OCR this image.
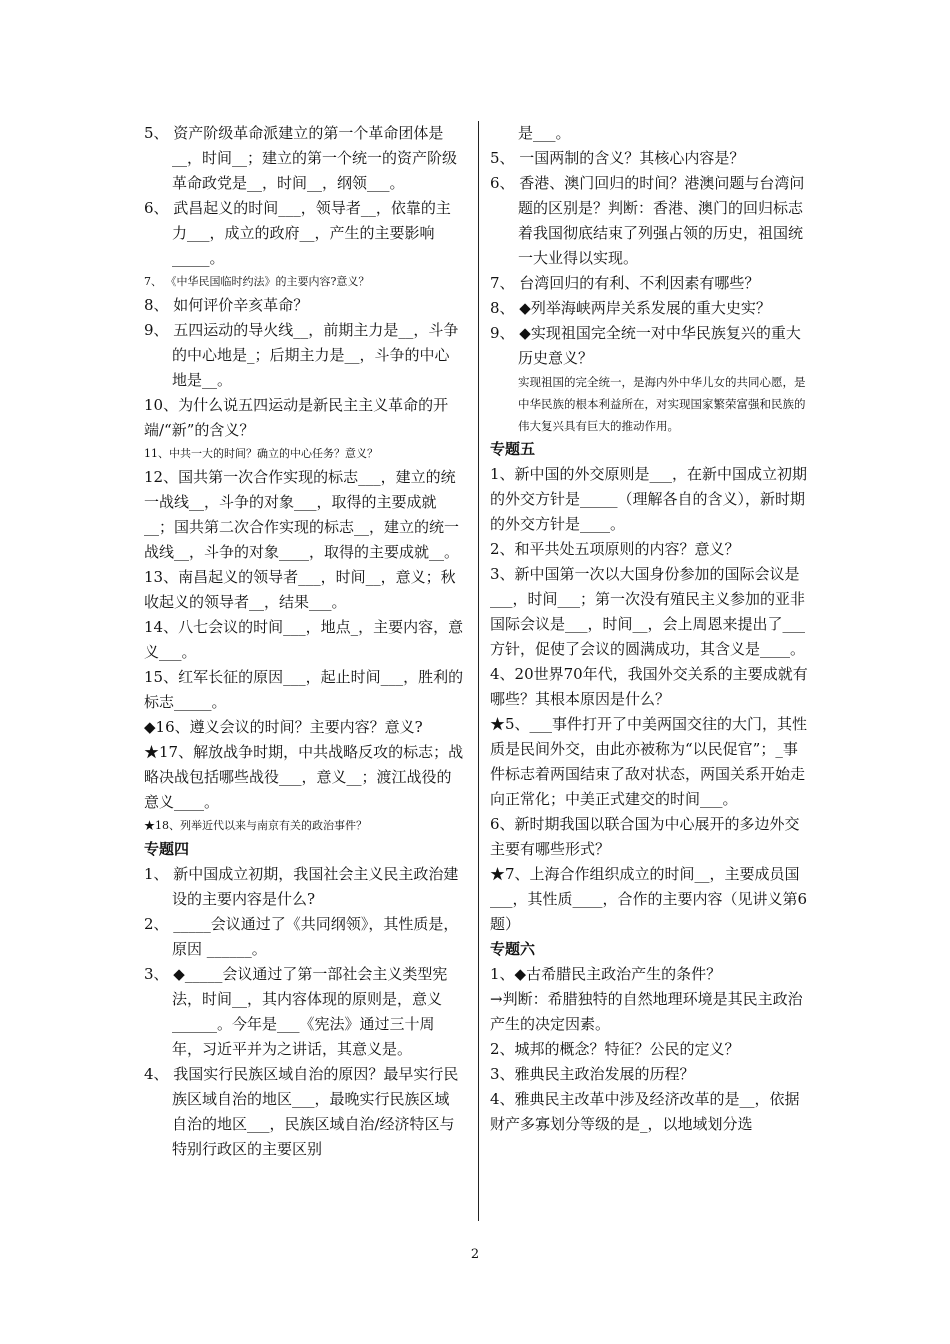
5、 资产阶级革命派建立的第一个革命团体是__，时间__；建立的第一个统一的资产阶级革命政党是__，时间__，纲领___。
6、 武昌起义的时间___，领导者__，依靠的主力___，成立的政府__，产生的主要影响_____。
7、 《中华民国临时约法》的主要内容?意义？
8、 如何评价辛亥革命？
9、 五四运动的导火线__，前期主力是__，斗争的中心地是_；后期主力是__，斗争的中心地是__。
10、为什么说五四运动是新民主主义革命的开端/“新”的含义？
11、中共一大的时间？确立的中心任务？意义？
12、国共第一次合作实现的标志___，建立的统一战线__，斗争的对象___，取得的主要成就__；国共第二次合作实现的标志__，建立的统一战线__，斗争的对象____，取得的主要成就__。
13、南昌起义的领导者___，时间__，意义；秋收起义的领导者__，结果___。
14、八七会议的时间___，地点_，主要内容，意义___。
15、红军长征的原因___，起止时间___，胜利的标志_____。
◆16、遵义会议的时间？主要内容？意义?
★17、解放战争时期，中共战略反攻的标志；战略决战包括哪些战役___，意义__；渡江战役的意义____。
★18、列举近代以来与南京有关的政治事件？
专题四
1、 新中国成立初期，我国社会主义民主政治建设的主要内容是什么?
2、 _____会议通过了《共同纲领》，其性质是，原因 ______。
3、 ◆_____会议通过了第一部社会主义类型宪法，时间__，其内容体现的原则是，意义______。今年是___《宪法》通过三十周年，习近平并为之讲话，其意义是。
4、 我国实行民族区域自治的原因？最早实行民族区域自治的地区___，最晚实行民族区域自治的地区___，民族区域自治/经济特区与特别行政区的主要区别
是___。
5、 一国两制的含义？其核心内容是？
6、 香港、澳门回归的时间？港澳问题与台湾问题的区别是？判断：香港、澳门的回归标志着我国彻底结束了列强占领的历史，祖国统一大业得以实现。
7、 台湾回归的有利、不利因素有哪些？
8、 ◆列举海峡两岸关系发展的重大史实？
9、 ◆实现祖国完全统一对中华民族复兴的重大历史意义？
实现祖国的完全统一，是海内外中华儿女的共同心愿，是中华民族的根本利益所在，对实现国家繁荣富强和民族的伟大复兴具有巨大的推动作用。
专题五
1、新中国的外交原则是___，在新中国成立初期的外交方针是_____（理解各自的含义），新时期的外交方针是____。
2、和平共处五项原则的内容？意义？
3、新中国第一次以大国身份参加的国际会议是___，时间___；第一次没有殖民主义参加的亚非国际会议是___，时间__，会上周恩来提出了___方针，促使了会议的圆满成功，其含义是____。
4、20世界70年代，我国外交关系的主要成就有哪些？其根本原因是什么？
★5、___事件打开了中美两国交往的大门，其性质是民间外交，由此亦被称为“以民促官”；_事件标志着两国结束了敌对状态，两国关系开始走向正常化；中美正式建交的时间___。
6、新时期我国以联合国为中心展开的多边外交主要有哪些形式？
★7、上海合作组织成立的时间__，主要成员国___，其性质____，合作的主要内容（见讲义第6题）
专题六
1、◆古希腊民主政治产生的条件？
→判断：希腊独特的自然地理环境是其民主政治产生的决定因素。
2、城邦的概念？特征？公民的定义？
3、雅典民主政治发展的历程？
4、雅典民主改革中涉及经济改革的是__，依据财产多寡划分等级的是_，以地域划分选
2
